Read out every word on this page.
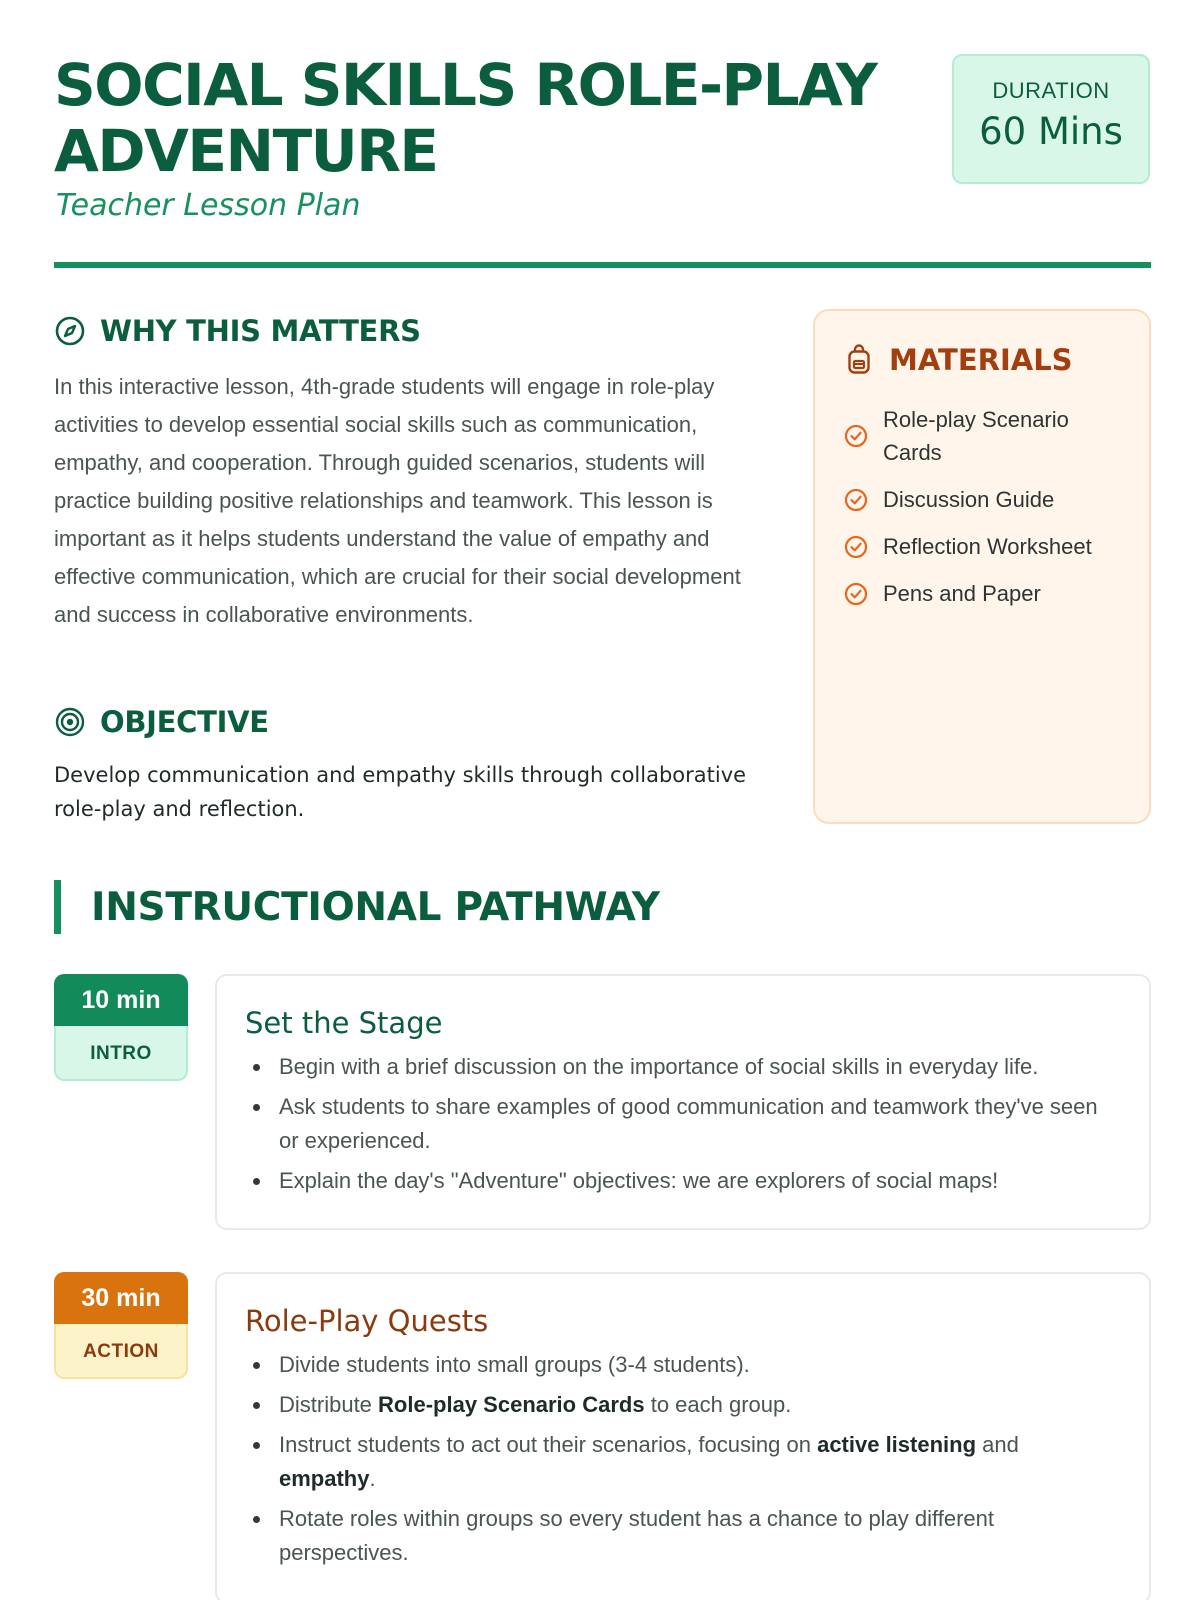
SOCIAL SKILLS ROLE-PLAY
ADVENTURE
Teacher Lesson Plan
DURATION
60 Mins
WHY THIS MATTERS

In this interactive lesson, 4th-grade students will engage in role-play activities to develop essential social skills such as communication, empathy, and cooperation. Through guided scenarios, students will practice building positive relationships and teamwork. This lesson is important as it helps students understand the value of empathy and effective communication, which are crucial for their social development and success in collaborative environments.

OBJECTIVE

Develop communication and empathy skills through collaborative role-play and reflection.

MATERIALS
Role-play Scenario Cards
Discussion Guide
Reflection Worksheet
Pens and Paper
INSTRUCTIONAL PATHWAY
10 min
INTRO
Set the Stage
Begin with a brief discussion on the importance of social skills in everyday life.
Ask students to share examples of good communication and teamwork they've seen or experienced.
Explain the day's "Adventure" objectives: we are explorers of social maps!
30 min
ACTION
Role-Play Quests
Divide students into small groups (3-4 students).
Distribute Role-play Scenario Cards to each group.
Instruct students to act out their scenarios, focusing on active listening and empathy.
Rotate roles within groups so every student has a chance to play different perspectives.
